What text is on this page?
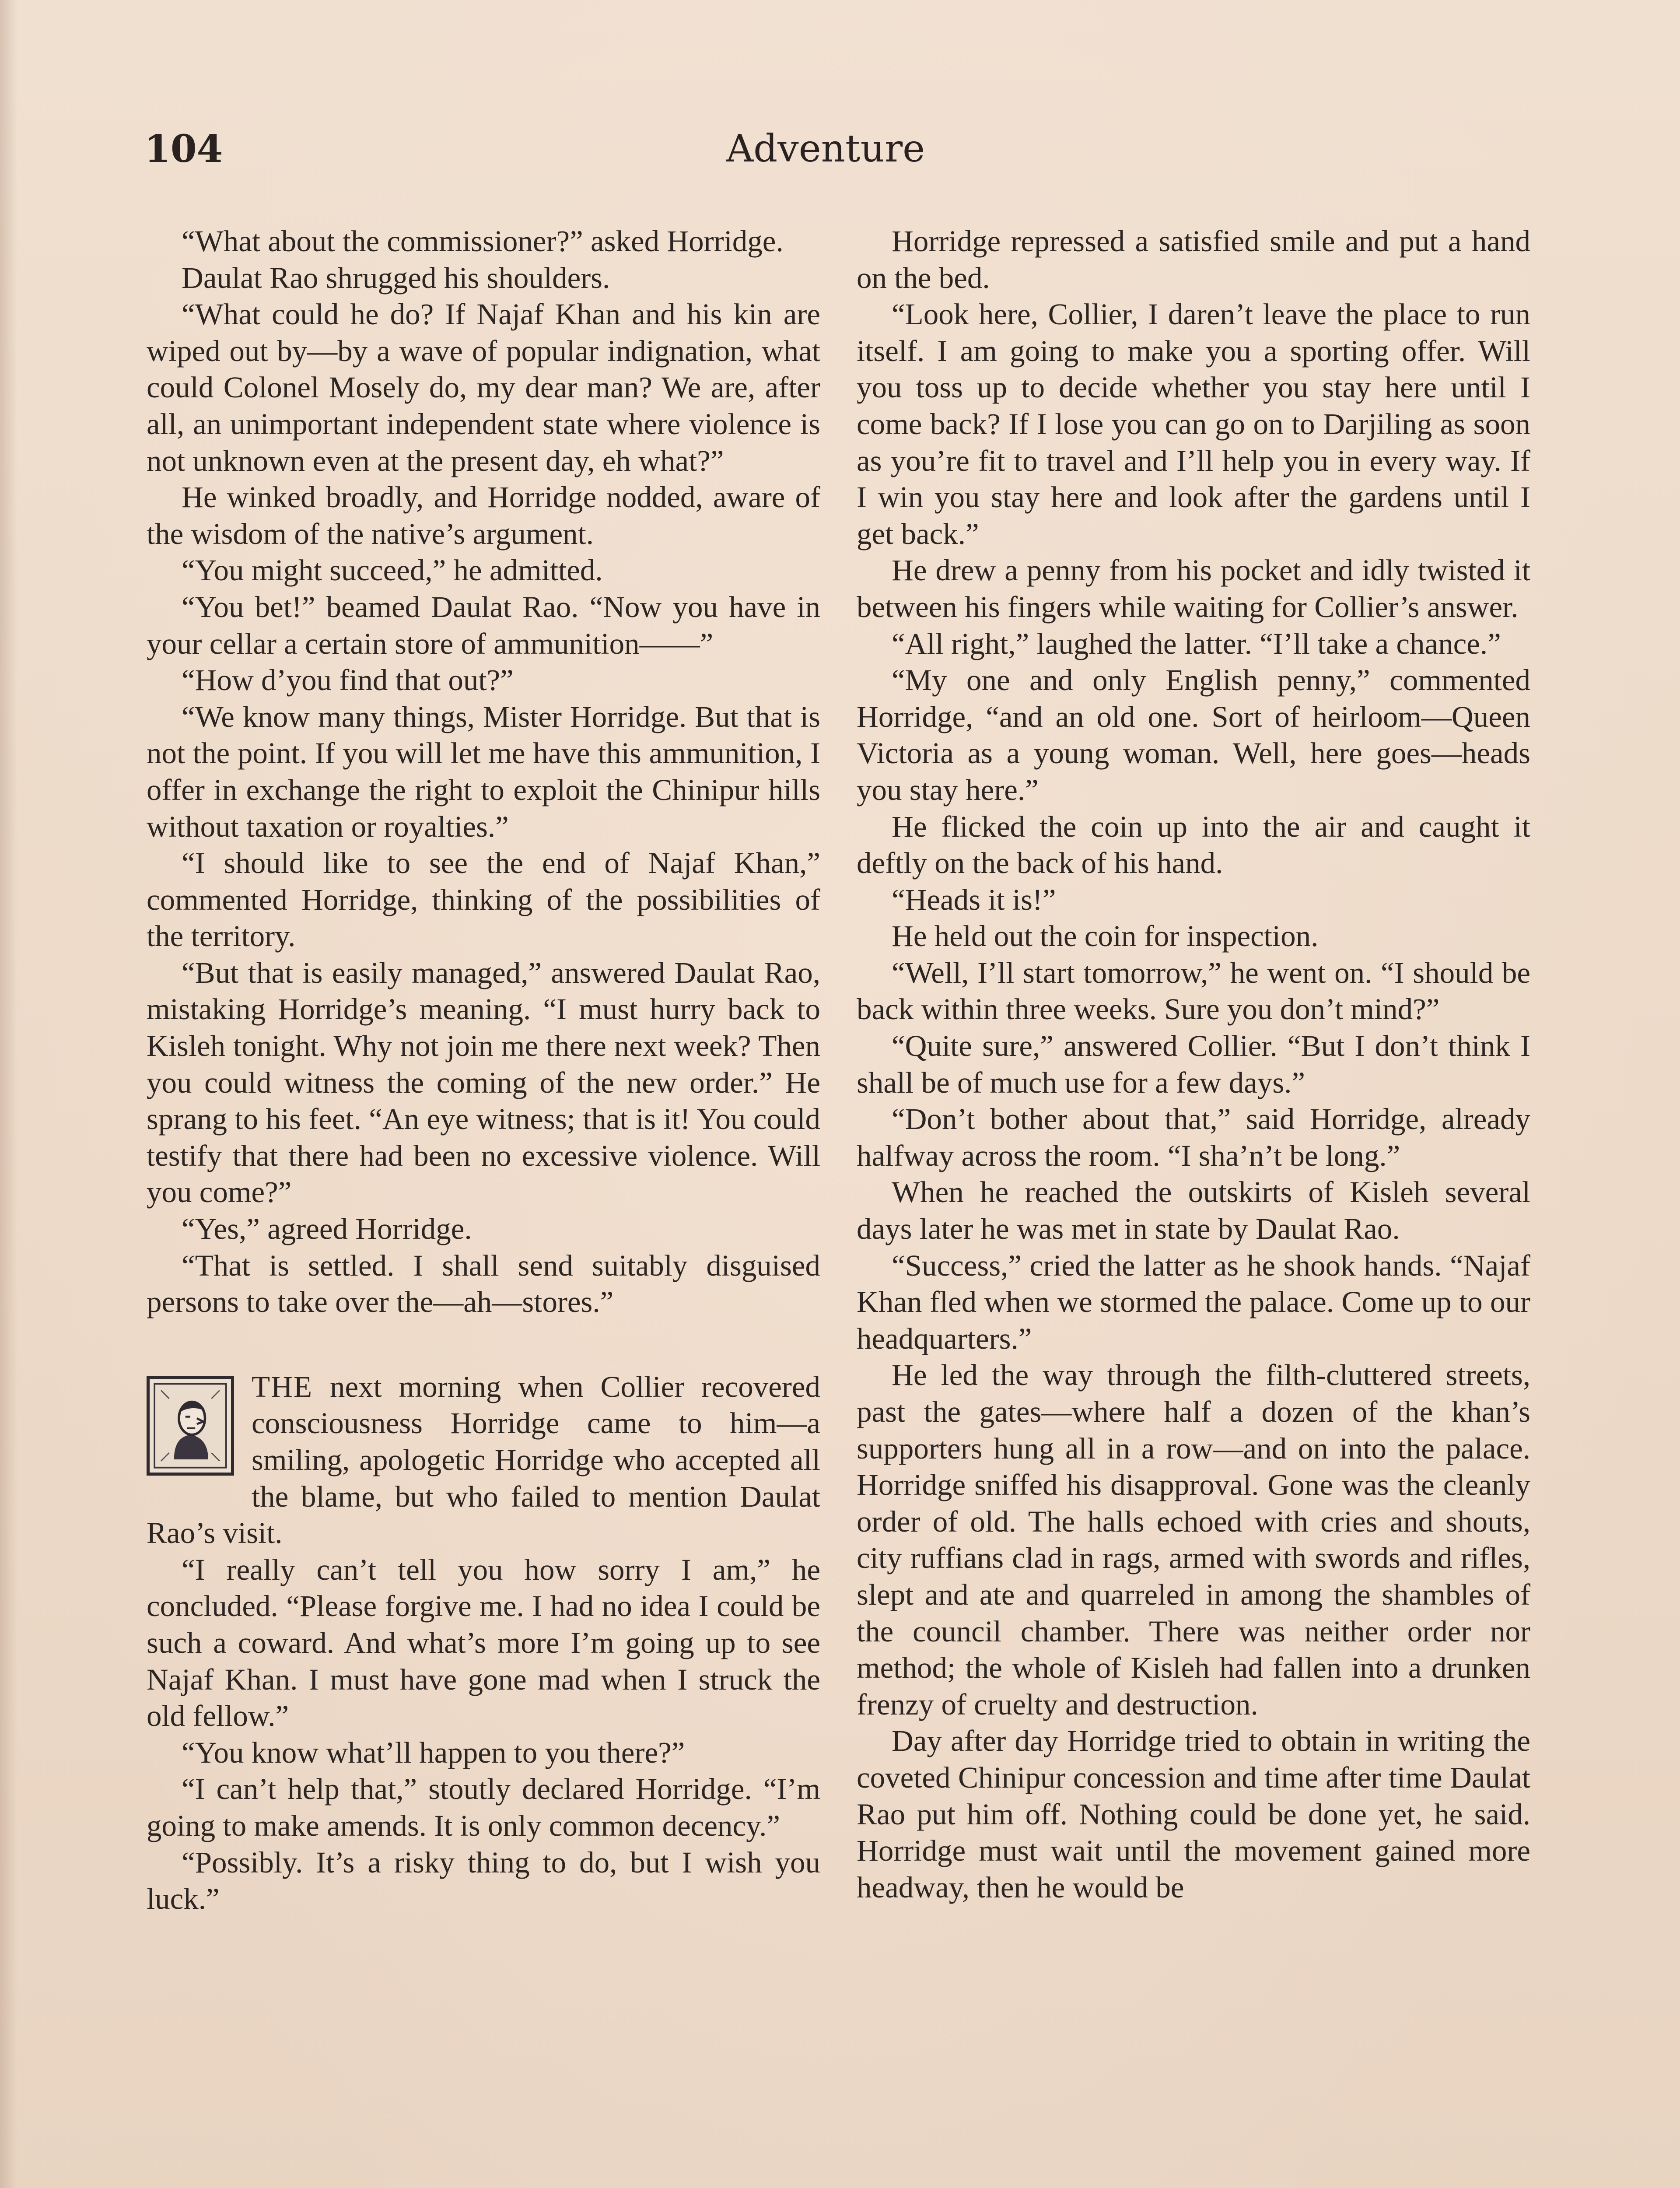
104	Adventure

“What about the commissioner?” asked Horridge.

Daulat Rao shrugged his shoulders.

“What could he do? If Najaf Khan and his kin are wiped out by—by a wave of popular indignation, what could Colonel Mosely do, my dear man? We are, after all, an unimportant independent state where violence is not unknown even at the present day, eh what?”

He winked broadly, and Horridge nodded, aware of the wisdom of the native’s argument.

“You might succeed,” he admitted.

“You bet!” beamed Daulat Rao. “Now you have in your cellar a certain store of ammunition——”

“How d’you find that out?”

“We know many things, Mister Horridge. But that is not the point. If you will let me have this ammunition, I offer in exchange the right to exploit the Chinipur hills without taxation or royalties.”

“I should like to see the end of Najaf Khan,” commented Horridge, thinking of the possibilities of the territory.

“But that is easily managed,” answered Daulat Rao, mistaking Horridge’s meaning. “I must hurry back to Kisleh tonight. Why not join me there next week? Then you could witness the coming of the new order.” He sprang to his feet. “An eye witness; that is it! You could testify that there had been no excessive violence. Will you come?”

“Yes,” agreed Horridge.

“That is settled. I shall send suitably disguised persons to take over the—ah—stores.”

THE next morning when Collier recovered consciousness Horridge came to him—a smiling, apologetic Horridge who accepted all the blame, but who failed to mention Daulat Rao’s visit.

“I really can’t tell you how sorry I am,” he concluded. “Please forgive me. I had no idea I could be such a coward. And what’s more I’m going up to see Najaf Khan. I must have gone mad when I struck the old fellow.”

“You know what’ll happen to you there?”

“I can’t help that,” stoutly declared Horridge. “I’m going to make amends. It is only common decency.”

“Possibly. It’s a risky thing to do, but I wish you luck.”

Horridge repressed a satisfied smile and put a hand on the bed.

“Look here, Collier, I daren’t leave the place to run itself. I am going to make you a sporting offer. Will you toss up to decide whether you stay here until I come back? If I lose you can go on to Darjiling as soon as you’re fit to travel and I’ll help you in every way. If I win you stay here and look after the gardens until I get back.”

He drew a penny from his pocket and idly twisted it between his fingers while waiting for Collier’s answer.

“All right,” laughed the latter. “I’ll take a chance.”

“My one and only English penny,” commented Horridge, “and an old one. Sort of heirloom—Queen Victoria as a young woman. Well, here goes—heads you stay here.”

He flicked the coin up into the air and caught it deftly on the back of his hand.

“Heads it is!”

He held out the coin for inspection.

“Well, I’ll start tomorrow,” he went on. “I should be back within three weeks. Sure you don’t mind?”

“Quite sure,” answered Collier. “But I don’t think I shall be of much use for a few days.”

“Don’t bother about that,” said Horridge, already halfway across the room. “I sha’n’t be long.”

When he reached the outskirts of Kisleh several days later he was met in state by Daulat Rao.

“Success,” cried the latter as he shook hands. “Najaf Khan fled when we stormed the palace. Come up to our headquarters.”

He led the way through the filth-cluttered streets, past the gates—where half a dozen of the khan’s supporters hung all in a row—and on into the palace. Horridge sniffed his disapproval. Gone was the cleanly order of old. The halls echoed with cries and shouts, city ruffians clad in rags, armed with swords and rifles, slept and ate and quarreled in among the shambles of the council chamber. There was neither order nor method; the whole of Kisleh had fallen into a drunken frenzy of cruelty and destruction.

Day after day Horridge tried to obtain in writing the coveted Chinipur concession and time after time Daulat Rao put him off. Nothing could be done yet, he said. Horridge must wait until the movement gained more headway, then he would be
